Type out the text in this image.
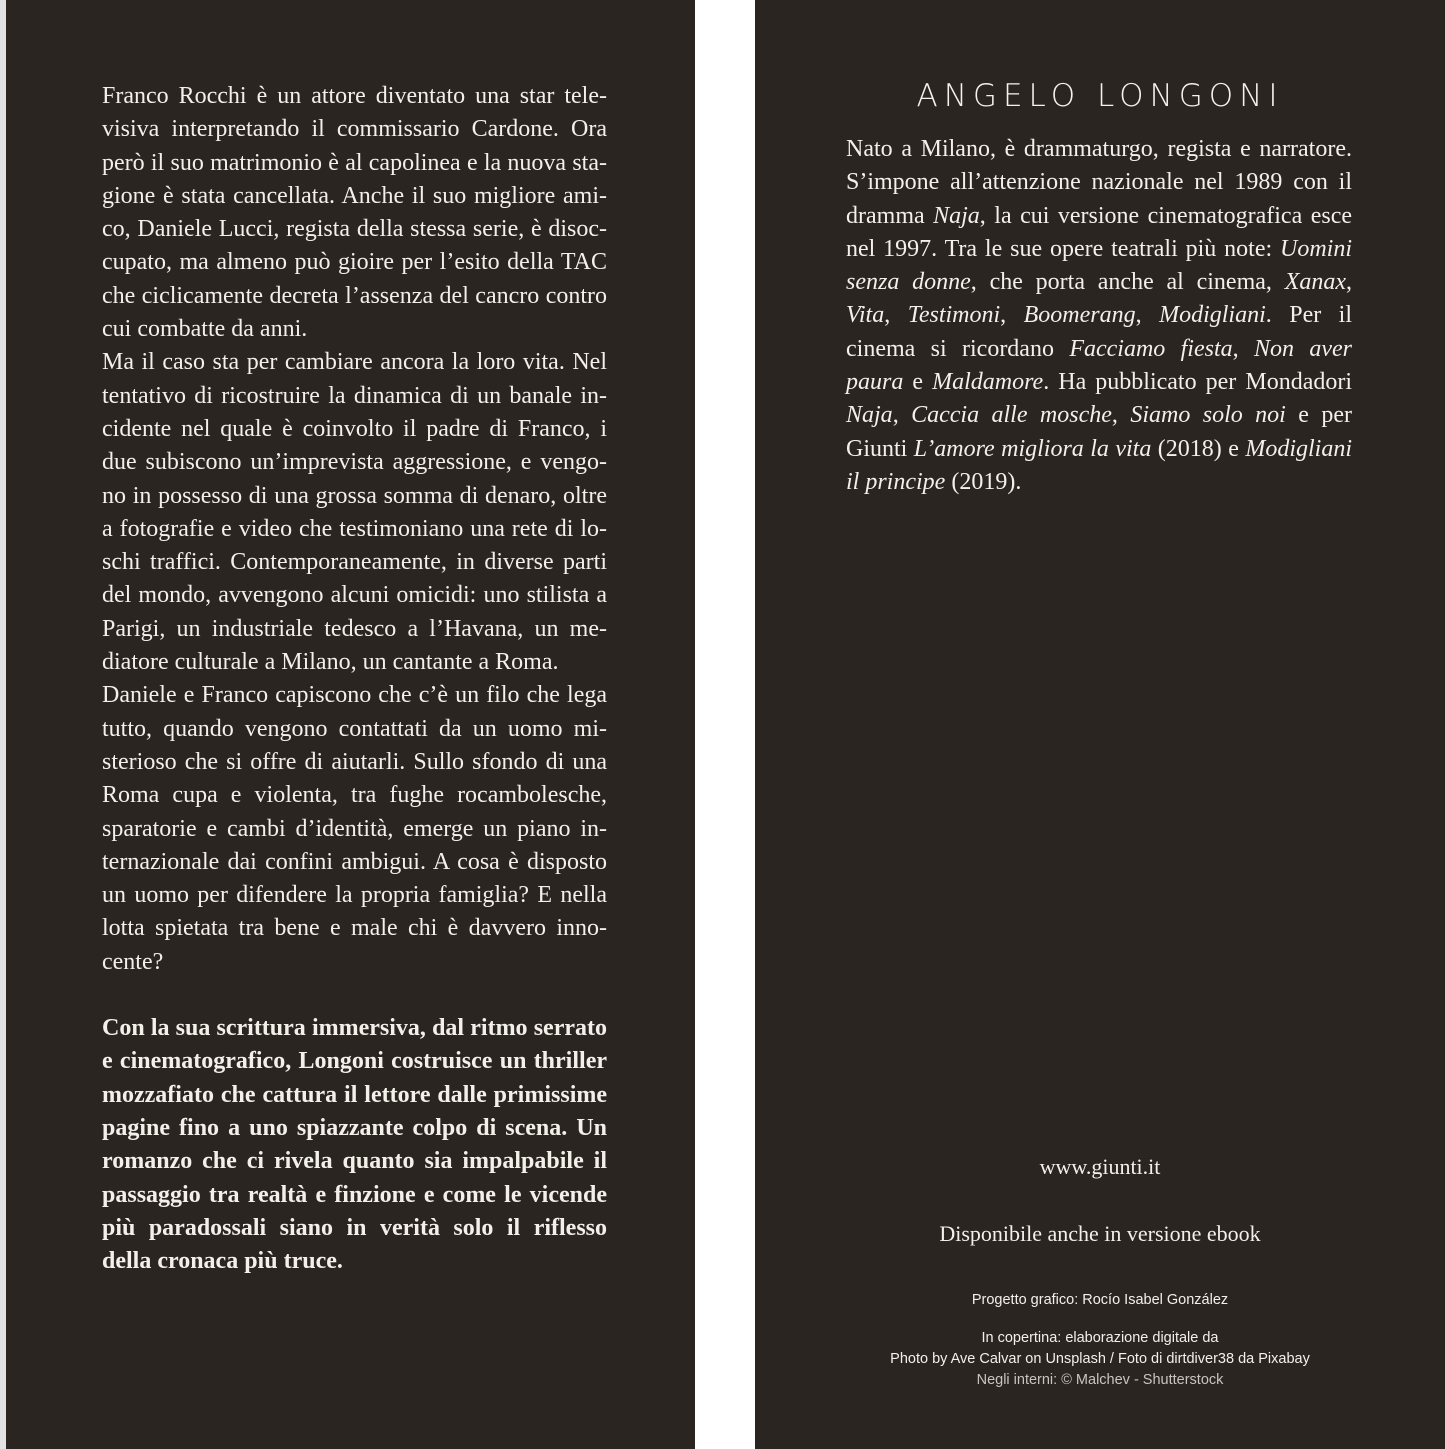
Franco Rocchi è un attore diventato una star televisiva interpretando il commissario Cardone. Ora però il suo matrimonio è al capolinea e la nuova stagione è stata cancellata. Anche il suo migliore amico, Daniele Lucci, regista della stessa serie, è disoccupato, ma almeno può gioire per l’esito della TAC che ciclicamente decreta l’assenza del cancro contro cui combatte da anni.

Ma il caso sta per cambiare ancora la loro vita. Nel tentativo di ricostruire la dinamica di un banale incidente nel quale è coinvolto il padre di Franco, i due subiscono un’imprevista aggressione, e vengono in possesso di una grossa somma di denaro, oltre a fotografie e video che testimoniano una rete di loschi traffici. Contemporaneamente, in diverse parti del mondo, avvengono alcuni omicidi: uno stilista a Parigi, un industriale tedesco a l’Havana, un mediatore culturale a Milano, un cantante a Roma.

Daniele e Franco capiscono che c’è un filo che lega tutto, quando vengono contattati da un uomo misterioso che si offre di aiutarli. Sullo sfondo di una Roma cupa e violenta, tra fughe rocambolesche, sparatorie e cambi d’identità, emerge un piano internazionale dai confini ambigui. A cosa è disposto un uomo per difendere la propria famiglia? E nella lotta spietata tra bene e male chi è davvero innocente?

Con la sua scrittura immersiva, dal ritmo serrato e cinematografico, Longoni costruisce un thriller mozzafiato che cattura il lettore dalle primissime pagine fino a uno spiazzante colpo di scena. Un romanzo che ci rivela quanto sia impalpabile il passaggio tra realtà e finzione e come le vicende più paradossali siano in verità solo il riflesso della cronaca più truce.

ANGELO LONGONI
Nato a Milano, è drammaturgo, regista e narratore. S’impone all’attenzione nazionale nel 1989 con il dramma Naja, la cui versione cinematografica esce nel 1997. Tra le sue opere teatrali più note: Uomini senza donne, che porta anche al cinema, Xanax, Vita, Testimoni, Boomerang, Modigliani. Per il cinema si ricordano Facciamo fiesta, Non aver paura e Maldamore. Ha pubblicato per Mondadori Naja, Caccia alle mosche, Siamo solo noi e per Giunti L’amore migliora la vita (2018) e Modigliani il principe (2019).
www.giunti.it
Disponibile anche in versione ebook
Progetto grafico: Rocío Isabel González
In copertina: elaborazione digitale da
Photo by Ave Calvar on Unsplash / Foto di dirtdiver38 da Pixabay
Negli interni: © Malchev - Shutterstock
